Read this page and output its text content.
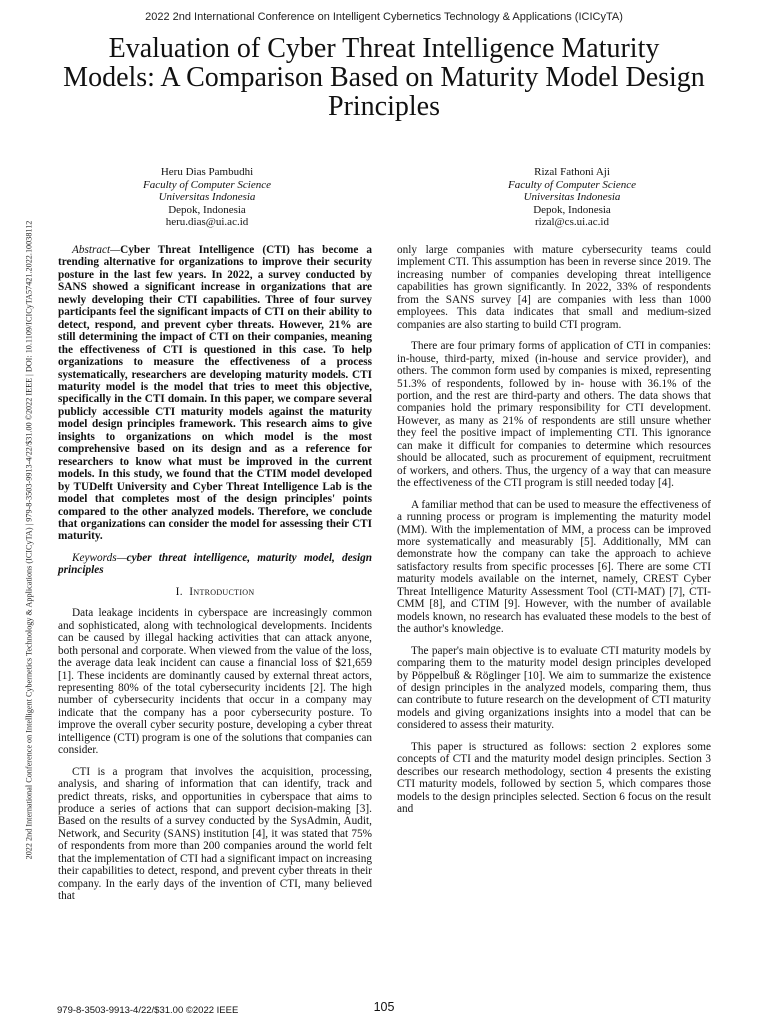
2022 2nd International Conference on Intelligent Cybernetics Technology & Applications (ICICyTA)
Evaluation of Cyber Threat Intelligence Maturity Models: A Comparison Based on Maturity Model Design Principles
Heru Dias Pambudhi
Faculty of Computer Science
Universitas Indonesia
Depok, Indonesia
heru.dias@ui.ac.id
Rizal Fathoni Aji
Faculty of Computer Science
Universitas Indonesia
Depok, Indonesia
rizal@cs.ui.ac.id
2022 2nd International Conference on Intelligent Cybernetics Technology & Applications (ICICyTA) | 979-8-3503-9913-4/22/$31.00 ©2022 IEEE | DOI: 10.1109/ICICyTA57421.2022.10038112	Abstract—Cyber Threat Intelligence (CTI) has become a trending alternative for organizations to improve their security posture in the last few years. In 2022, a survey conducted by SANS showed a significant increase in organizations that are newly developing their CTI capabilities. Three of four survey participants feel the significant impacts of CTI on their ability to detect, respond, and prevent cyber threats. However, 21% are still determining the impact of CTI on their companies, meaning the effectiveness of CTI is questioned in this case. To help organizations to measure the effectiveness of a process systematically, researchers are developing maturity models. CTI maturity model is the model that tries to meet this objective, specifically in the CTI domain. In this paper, we compare several publicly accessible CTI maturity models against the maturity model design principles framework. This research aims to give insights to organizations on which model is the most comprehensive based on its design and as a reference for researchers to know what must be improved in the current models. In this study, we found that the CTIM model developed by TUDelft University and Cyber Threat Intelligence Lab is the model that completes most of the design principles' points compared to the other analyzed models. Therefore, we conclude that organizations can consider the model for assessing their CTI maturity.

Keywords—cyber threat intelligence, maturity model, design principles

I. Introduction

Data leakage incidents in cyberspace are increasingly common and sophisticated, along with technological developments. Incidents can be caused by illegal hacking activities that can attack anyone, both personal and corporate. When viewed from the value of the loss, the average data leak incident can cause a financial loss of $21,659 [1]. These incidents are dominantly caused by external threat actors, representing 80% of the total cybersecurity incidents [2]. The high number of cybersecurity incidents that occur in a company may indicate that the company has a poor cybersecurity posture. To improve the overall cyber security posture, developing a cyber threat intelligence (CTI) program is one of the solutions that companies can consider.

CTI is a program that involves the acquisition, processing, analysis, and sharing of information that can identify, track and predict threats, risks, and opportunities in cyberspace that aims to produce a series of actions that can support decision-making [3]. Based on the results of a survey conducted by the SysAdmin, Audit, Network, and Security (SANS) institution [4], it was stated that 75% of respondents from more than 200 companies around the world felt that the implementation of CTI had a significant impact on increasing their capabilities to detect, respond, and prevent cyber threats in their company. In the early days of the invention of CTI, many believed that

only large companies with mature cybersecurity teams could implement CTI. This assumption has been in reverse since 2019. The increasing number of companies developing threat intelligence capabilities has grown significantly. In 2022, 33% of respondents from the SANS survey [4] are companies with less than 1000 employees. This data indicates that small and medium-sized companies are also starting to build CTI program.

There are four primary forms of application of CTI in companies: in-house, third-party, mixed (in-house and service provider), and others. The common form used by companies is mixed, representing 51.3% of respondents, followed by in- house with 36.1% of the portion, and the rest are third-party and others. The data shows that companies hold the primary responsibility for CTI development. However, as many as 21% of respondents are still unsure whether they feel the positive impact of implementing CTI. This ignorance can make it difficult for companies to determine which resources should be allocated, such as procurement of equipment, recruitment of workers, and others. Thus, the urgency of a way that can measure the effectiveness of the CTI program is still needed today [4].

A familiar method that can be used to measure the effectiveness of a running process or program is implementing the maturity model (MM). With the implementation of MM, a process can be improved more systematically and measurably [5]. Additionally, MM can demonstrate how the company can take the approach to achieve satisfactory results from specific processes [6]. There are some CTI maturity models available on the internet, namely, CREST Cyber Threat Intelligence Maturity Assessment Tool (CTI-MAT) [7], CTI-CMM [8], and CTIM [9]. However, with the number of available models known, no research has evaluated these models to the best of the author's knowledge.

The paper's main objective is to evaluate CTI maturity models by comparing them to the maturity model design principles developed by Pöppelbuß & Röglinger [10]. We aim to summarize the existence of design principles in the analyzed models, comparing them, thus can contribute to future research on the development of CTI maturity models and giving organizations insights into a model that can be considered to assess their maturity.

This paper is structured as follows: section 2 explores some concepts of CTI and the maturity model design principles. Section 3 describes our research methodology, section 4 presents the existing CTI maturity models, followed by section 5, which compares those models to the design principles selected. Section 6 focus on the result and

979-8-3503-9913-4/22/$31.00 ©2022 IEEE	105
